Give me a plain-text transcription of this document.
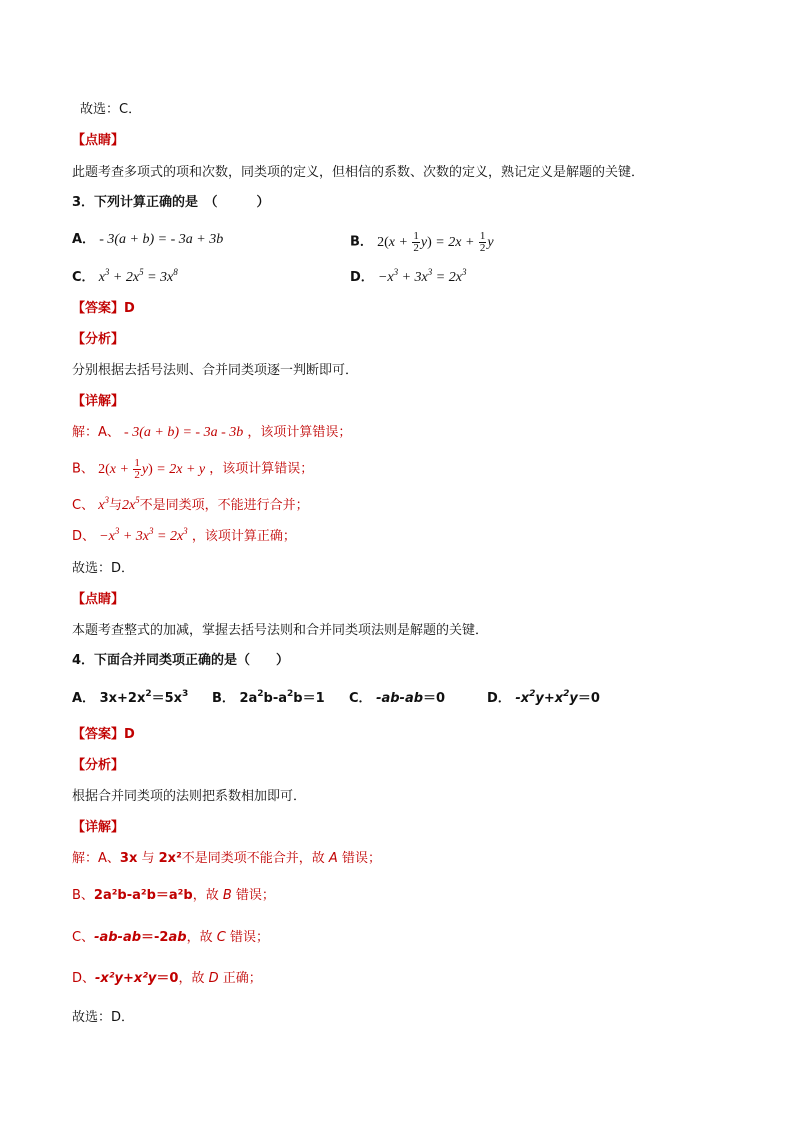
故选：C．
【点睛】
此题考查多项式的项和次数，同类项的定义，但相信的系数、次数的定义，熟记定义是解题的关键．
3．下列计算正确的是　（　　　）
A． - 3(a + b) = - 3a + 3b	B． $2(x + \frac{1}{2} y) = 2x + \frac{1}{2}$ y
C． $x^3 + 2x^5 = 3x^8$	D． $-x^3 + 3x^3 = 2x^3$
【答案】D
【分析】
分别根据去括号法则、合并同类项逐一判断即可．
【详解】
解：A、 - 3(a + b) = - 3a - 3b ，该项计算错误；
B、 $2(x + \frac{1}{2} y) = 2x + y$ ，该项计算错误；
C、 $x^3$与$2x^5$不是同类项，不能进行合并；
D、 $-x^3 + 3x^3 = 2x^3$ ，该项计算正确；
故选：D．
【点睛】
本题考查整式的加减，掌握去括号法则和合并同类项法则是解题的关键．
4．下面合并同类项正确的是（　　）
A． $3x+2x^2=5x^3$ B． $2a^2b-a^2b=1$ C． -ab-ab＝0	D． $-x^2y+x^2y=0$
【答案】D
【分析】
根据合并同类项的法则把系数相加即可．
【详解】
解：A、3x 与 2x²不是同类项不能合并，故 A 错误；
B、2a²b-a²b＝a²b，故 B 错误；
C、-ab-ab＝-2ab，故 C 错误；
D、-x²y+x²y＝0，故 D 正确；
故选：D．
